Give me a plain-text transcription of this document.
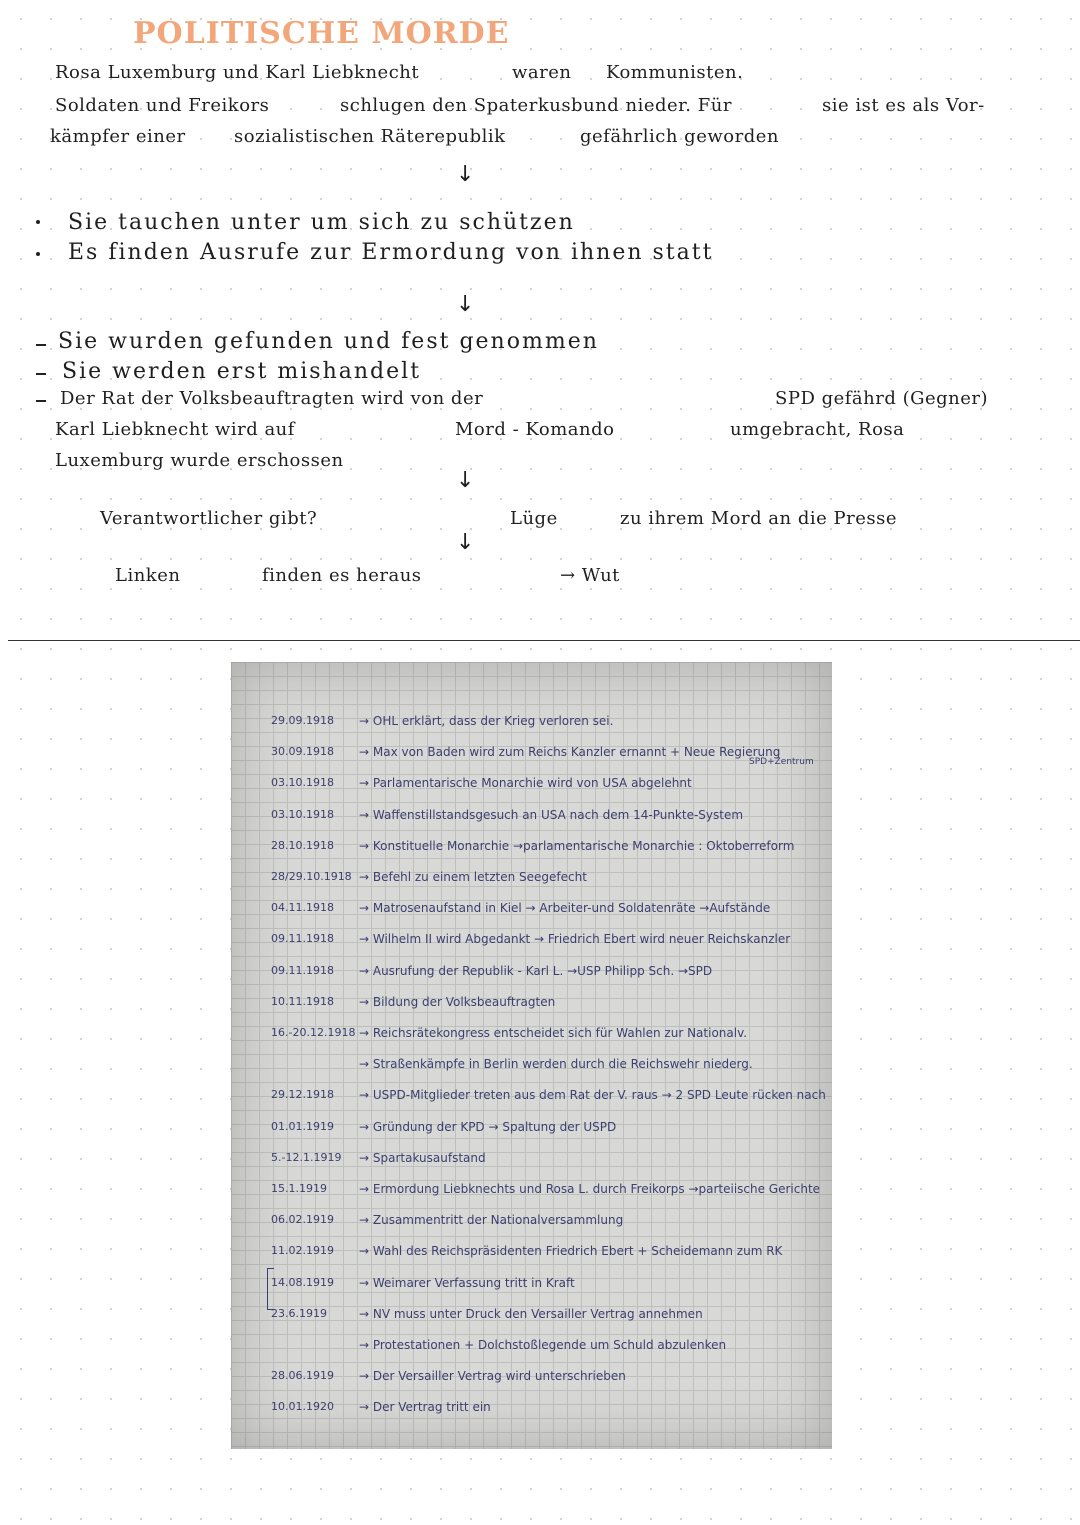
POLITISCHE MORDE
Rosa Luxemburg und Karl Liebknecht	waren Kommunisten.
Soldaten und Freikors	schlugen den Spaterkusbund nieder. Für	sie ist es als Vor-
kämpfer einer	sozialistischen Räterepublik	gefährlich geworden
↓
Sie tauchen unter um sich zu schützen
Es finden Ausrufe zur Ermordung von ihnen statt
↓
Sie wurden gefunden und fest genommen
Sie werden erst mishandelt
Der Rat der Volksbeauftragten wird von der	SPD gefährd (Gegner)
Karl Liebknecht wird auf	Mord - Komando	umgebracht, Rosa
Luxemburg wurde erschossen
↓
Verantwortlicher gibt?	Lüge	zu ihrem Mord an die Presse
↓
Linken	finden es heraus	→ Wut
29.09.1918	→ OHL erklärt, dass der Krieg verloren sei.
30.09.1918	→ Max von Baden wird zum Reichs Kanzler ernannt + Neue Regierung
SPD+Zentrum
03.10.1918	→ Parlamentarische Monarchie wird von USA abgelehnt
03.10.1918	→ Waffenstillstandsgesuch an USA nach dem 14-Punkte-System
28.10.1918	→ Konstituelle Monarchie →parlamentarische Monarchie : Oktoberreform
28/29.10.1918 → Befehl zu einem letzten Seegefecht
04.11.1918	→ Matrosenaufstand in Kiel → Arbeiter-und Soldatenräte →Aufstände
09.11.1918	→ Wilhelm II wird Abgedankt → Friedrich Ebert wird neuer Reichskanzler
09.11.1918	→ Ausrufung der Republik - Karl L. →USP Philipp Sch. →SPD
10.11.1918	→ Bildung der Volksbeauftragten
16.-20.12.1918 → Reichsrätekongress entscheidet sich für Wahlen zur Nationalv.
→ Straßenkämpfe in Berlin werden durch die Reichswehr niederg.
29.12.1918	→ USPD-Mitglieder treten aus dem Rat der V. raus → 2 SPD Leute rücken nach
01.01.1919	→ Gründung der KPD → Spaltung der USPD
5.-12.1.1919	→ Spartakusaufstand
15.1.1919	→ Ermordung Liebknechts und Rosa L. durch Freikorps →parteiische Gerichte
06.02.1919	→ Zusammentritt der Nationalversammlung
11.02.1919	→ Wahl des Reichspräsidenten Friedrich Ebert + Scheidemann zum RK
14.08.1919	→ Weimarer Verfassung tritt in Kraft
23.6.1919	→ NV muss unter Druck den Versailler Vertrag annehmen
→ Protestationen + Dolchstoßlegende um Schuld abzulenken
28.06.1919	→ Der Versailler Vertrag wird unterschrieben
10.01.1920	→ Der Vertrag tritt ein
